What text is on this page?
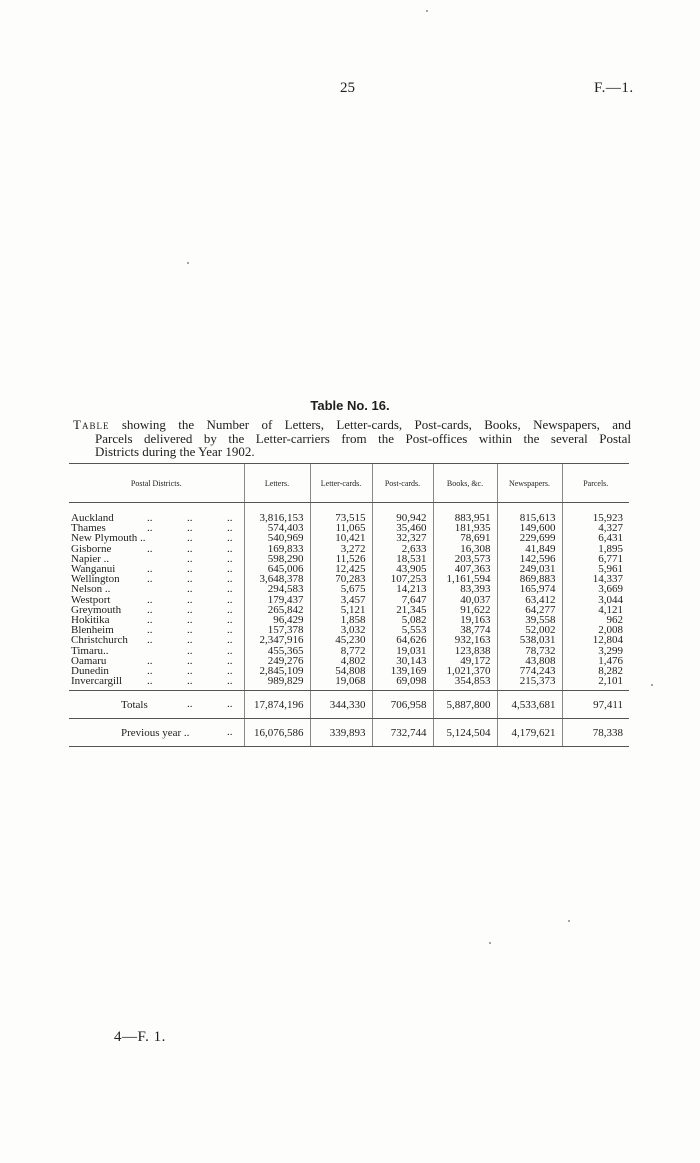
25	F.—1.
Table No. 16.
Table showing the Number of Letters, Letter-cards, Post-cards, Books, Newspapers, and
Parcels delivered by the Letter-carriers from the Post-offices within the several Postal
Districts during the Year 1902.
Postal Districts.	Letters.	Letter-cards.	Post-cards.	Books, &c.	Newspapers.	Parcels.
Auckland .. .. ..	3,816,153	73,515	90,942	883,951	815,613	15,923
Thames .. .. ..	574,403	11,065	35,460	181,935	149,600	4,327
New Plymouth .. .. ..	540,969	10,421	32,327	78,691	229,699	6,431
Gisborne .. .. ..	169,833	3,272	2,633	16,308	41,849	1,895
Napier .. .. ..	598,290	11,526	18,531	203,573	142,596	6,771
Wanganui .. .. ..	645,006	12,425	43,905	407,363	249,031	5,961
Wellington .. .. ..	3,648,378	70,283	107,253	1,161,594	869,883	14,337
Nelson .. .. ..	294,583	5,675	14,213	83,393	165,974	3,669
Westport .. .. ..	179,437	3,457	7,647	40,037	63,412	3,044
Greymouth .. .. ..	265,842	5,121	21,345	91,622	64,277	4,121
Hokitika .. .. ..	96,429	1,858	5,082	19,163	39,558	962
Blenheim .. .. ..	157,378	3,032	5,553	38,774	52,002	2,008
Christchurch .. .. ..	2,347,916	45,230	64,626	932,163	538,031	12,804
Timaru.. .. ..	455,365	8,772	19,031	123,838	78,732	3,299
Oamaru .. .. ..	249,276	4,802	30,143	49,172	43,808	1,476
Dunedin .. .. ..	2,845,109	54,808	139,169	1,021,370	774,243	8,282
Invercargill .. .. ..	989,829	19,068	69,098	354,853	215,373	2,101
Totals .. ..	17,874,196	344,330	706,958	5,887,800	4,533,681	97,411
Previous year .. ..	16,076,586	339,893	732,744	5,124,504	4,179,621	78,338
4—F. 1.
